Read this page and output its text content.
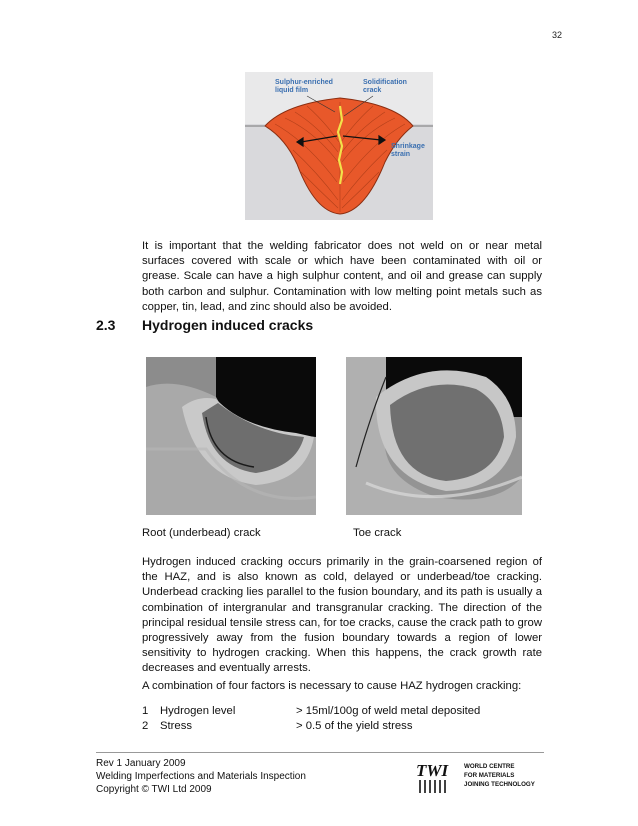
32
Sulphur-enriched liquid film
Solidification crack
Shrinkage strain
It is important that the welding fabricator does not weld on or near metal surfaces covered with scale or which have been contaminated with oil or grease. Scale can have a high sulphur content, and oil and grease can supply both carbon and sulphur. Contamination with low melting point metals such as copper, tin, lead, and zinc should also be avoided.
2.3 Hydrogen induced cracks
Root (underbead) crack	Toe crack
Hydrogen induced cracking occurs primarily in the grain-coarsened region of the HAZ, and is also known as cold, delayed or underbead/toe cracking. Underbead cracking lies parallel to the fusion boundary, and its path is usually a combination of intergranular and transgranular cracking. The direction of the principal residual tensile stress can, for toe cracks, cause the crack path to grow progressively away from the fusion boundary towards a region of lower sensitivity to hydrogen cracking. When this happens, the crack growth rate decreases and eventually arrests.
A combination of four factors is necessary to cause HAZ hydrogen cracking:
1 Hydrogen level	> 15ml/100g of weld metal deposited
2 Stress	> 0.5 of the yield stress
Rev 1 January 2009
Welding Imperfections and Materials Inspection
Copyright © TWI Ltd 2009
TWI	WORLD CENTRE FOR MATERIALS JOINING TECHNOLOGY
